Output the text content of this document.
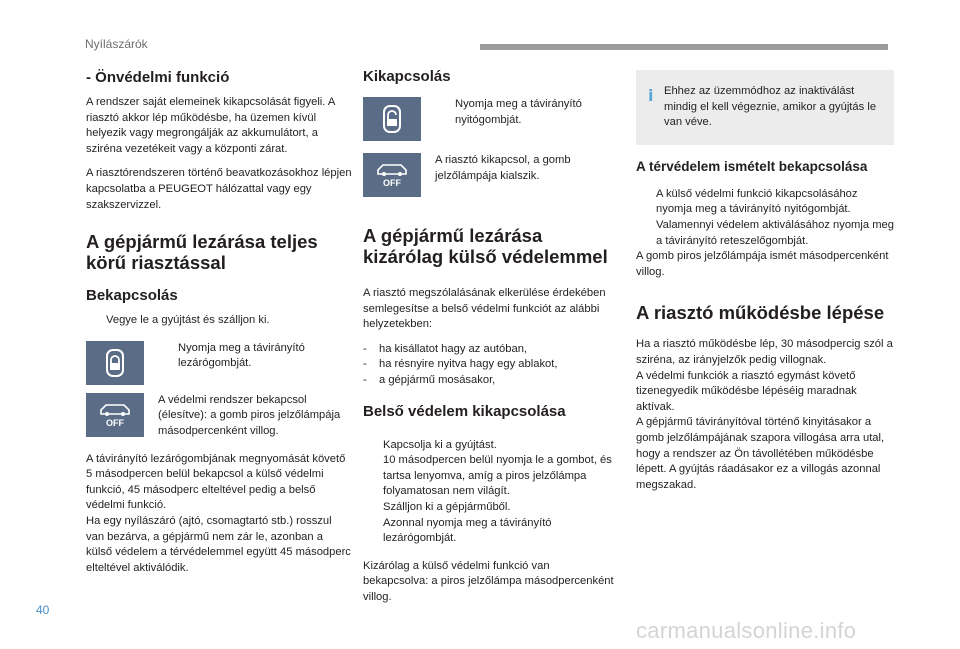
Nyílászárók
- Önvédelmi funkció

A rendszer saját elemeinek kikapcsolását figyeli. A riasztó akkor lép működésbe, ha üzemen kívül helyezik vagy megrongálják az akkumulátort, a sziréna vezetékeit vagy a központi zárat.

A riasztórendszeren történő beavatkozásokhoz lépjen kapcsolatba a PEUGEOT hálózattal vagy egy szakszervizzel.

A gépjármű lezárása teljes körű riasztással
Bekapcsolás
Vegye le a gyújtást és szálljon ki.
Nyomja meg a távirányító lezárógombját.
OFF

A védelmi rendszer bekapcsol (élesítve): a gomb piros jelzőlámpája másodpercenként villog.

A távirányító lezárógombjának megnyomását követő 5 másodpercen belül bekapcsol a külső védelmi funkció, 45 másodperc elteltével pedig a belső védelmi funkció.
Ha egy nyílászáró (ajtó, csomagtartó stb.) rosszul van bezárva, a gépjármű nem zár le, azonban a külső védelem a térvédelemmel együtt 45 másodperc elteltével aktiválódik.

Kikapcsolás
Nyomja meg a távirányító nyitógombját.
OFF

A riasztó kikapcsol, a gomb jelzőlámpája kialszik.

A gépjármű lezárása kizárólag külső védelemmel

A riasztó megszólalásának elkerülése érdekében semlegesítse a belső védelmi funkciót az alábbi helyzetekben:

-	ha kisállatot hagy az autóban,
-	ha résnyire nyitva hagy egy ablakot,
-	a gépjármű mosásakor,
Belső védelem kikapcsolása
Kapcsolja ki a gyújtást.
10 másodpercen belül nyomja le a gombot, és tartsa lenyomva, amíg a piros jelzőlámpa folyamatosan nem világít.
Szálljon ki a gépjárműből.
Azonnal nyomja meg a távirányító lezárógombját.

Kizárólag a külső védelmi funkció van bekapcsolva: a piros jelzőlámpa másodpercenként villog.

i Ehhez az üzemmódhoz az inaktiválást mindig el kell végeznie, amikor a gyújtás le van véve.

A térvédelem ismételt bekapcsolása
A külső védelmi funkció kikapcsolásához nyomja meg a távirányító nyitógombját.
Valamennyi védelem aktiválásához nyomja meg a távirányító reteszelőgombját.

A gomb piros jelzőlámpája ismét másodpercenként villog.

A riasztó működésbe lépése

Ha a riasztó működésbe lép, 30 másodpercig szól a sziréna, az irányjelzők pedig villognak.
A védelmi funkciók a riasztó egymást követő tizenegyedik működésbe lépéséig maradnak aktívak.
A gépjármű távirányítóval történő kinyitásakor a gomb jelzőlámpájának szapora villogása arra utal, hogy a rendszer az Ön távollétében működésbe lépett. A gyújtás ráadásakor ez a villogás azonnal megszakad.

40
carmanualsonline.info
